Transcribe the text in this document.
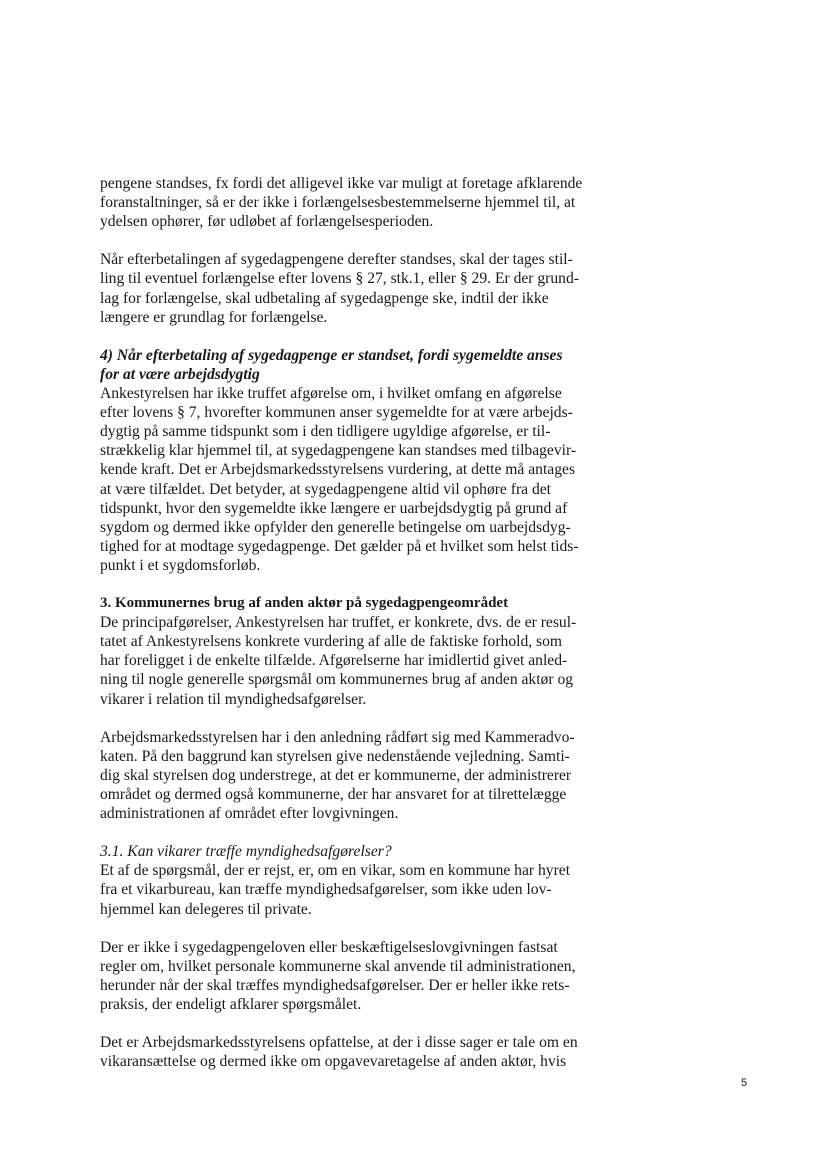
pengene standses, fx fordi det alligevel ikke var muligt at foretage afklarende
foranstaltninger, så er der ikke i forlængelsesbestemmelserne hjemmel til, at
ydelsen ophører, før udløbet af forlængelsesperioden.
Når efterbetalingen af sygedagpengene derefter standses, skal der tages stil-
ling til eventuel forlængelse efter lovens § 27, stk.1, eller § 29. Er der grund-
lag for forlængelse, skal udbetaling af sygedagpenge ske, indtil der ikke
længere er grundlag for forlængelse.
4) Når efterbetaling af sygedagpenge er standset, fordi sygemeldte anses
for at være arbejdsdygtig
Ankestyrelsen har ikke truffet afgørelse om, i hvilket omfang en afgørelse
efter lovens § 7, hvorefter kommunen anser sygemeldte for at være arbejds-
dygtig på samme tidspunkt som i den tidligere ugyldige afgørelse, er til-
strækkelig klar hjemmel til, at sygedagpengene kan standses med tilbagevir-
kende kraft. Det er Arbejdsmarkedsstyrelsens vurdering, at dette må antages
at være tilfældet. Det betyder, at sygedagpengene altid vil ophøre fra det
tidspunkt, hvor den sygemeldte ikke længere er uarbejdsdygtig på grund af
sygdom og dermed ikke opfylder den generelle betingelse om uarbejdsdyg-
tighed for at modtage sygedagpenge. Det gælder på et hvilket som helst tids-
punkt i et sygdomsforløb.
3. Kommunernes brug af anden aktør på sygedagpengeområdet
De principafgørelser, Ankestyrelsen har truffet, er konkrete, dvs. de er resul-
tatet af Ankestyrelsens konkrete vurdering af alle de faktiske forhold, som
har foreligget i de enkelte tilfælde. Afgørelserne har imidlertid givet anled-
ning til nogle generelle spørgsmål om kommunernes brug af anden aktør og
vikarer i relation til myndighedsafgørelser.
Arbejdsmarkedsstyrelsen har i den anledning rådført sig med Kammeradvo-
katen. På den baggrund kan styrelsen give nedenstående vejledning. Samti-
dig skal styrelsen dog understrege, at det er kommunerne, der administrerer
området og dermed også kommunerne, der har ansvaret for at tilrettelægge
administrationen af området efter lovgivningen.
3.1. Kan vikarer træffe myndighedsafgørelser?
Et af de spørgsmål, der er rejst, er, om en vikar, som en kommune har hyret
fra et vikarbureau, kan træffe myndighedsafgørelser, som ikke uden lov-
hjemmel kan delegeres til private.
Der er ikke i sygedagpengeloven eller beskæftigelseslovgivningen fastsat
regler om, hvilket personale kommunerne skal anvende til administrationen,
herunder når der skal træffes myndighedsafgørelser. Der er heller ikke rets-
praksis, der endeligt afklarer spørgsmålet.
Det er Arbejdsmarkedsstyrelsens opfattelse, at der i disse sager er tale om en
vikaransættelse og dermed ikke om opgavevaretagelse af anden aktør, hvis
5
